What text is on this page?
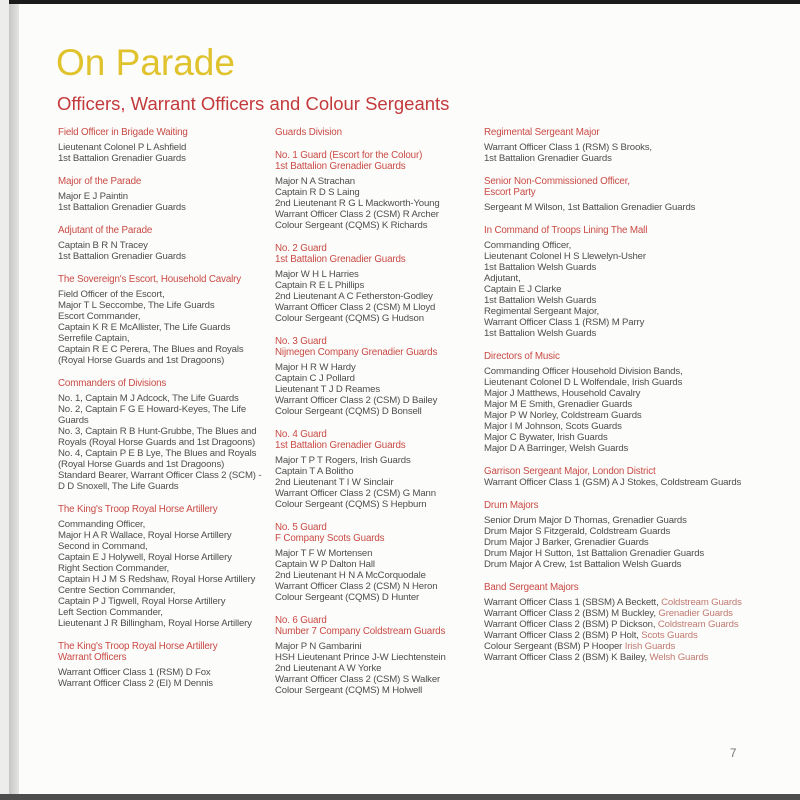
On Parade
Officers, Warrant Officers and Colour Sergeants
Field Officer in Brigade Waiting
Lieutenant Colonel P L Ashfield
1st Battalion Grenadier Guards
Major of the Parade
Major E J Paintin
1st Battalion Grenadier Guards
Adjutant of the Parade
Captain B R N Tracey
1st Battalion Grenadier Guards
The Sovereign's Escort, Household Cavalry
Field Officer of the Escort,
Major T L Seccombe, The Life Guards
Escort Commander,
Captain K R E McAllister, The Life Guards
Serrefile Captain,
Captain R E C Perera, The Blues and Royals
(Royal Horse Guards and 1st Dragoons)
Commanders of Divisions
No. 1, Captain M J Adcock, The Life Guards
No. 2, Captain F G E Howard-Keyes, The Life
Guards
No. 3, Captain R B Hunt-Grubbe, The Blues and
Royals (Royal Horse Guards and 1st Dragoons)
No. 4, Captain P E B Lye, The Blues and Royals
(Royal Horse Guards and 1st Dragoons)
Standard Bearer, Warrant Officer Class 2 (SCM) -
D D Snoxell, The Life Guards
The King's Troop Royal Horse Artillery
Commanding Officer,
Major H A R Wallace, Royal Horse Artillery
Second in Command,
Captain E J Holywell, Royal Horse Artillery
Right Section Commander,
Captain H J M S Redshaw, Royal Horse Artillery
Centre Section Commander,
Captain P J Tigwell, Royal Horse Artillery
Left Section Commander,
Lieutenant J R Billingham, Royal Horse Artillery
The King's Troop Royal Horse Artillery
Warrant Officers
Warrant Officer Class 1 (RSM) D Fox
Warrant Officer Class 2 (EI) M Dennis
Guards Division
No. 1 Guard (Escort for the Colour)
1st Battalion Grenadier Guards
Major N A Strachan
Captain R D S Laing
2nd Lieutenant R G L Mackworth-Young
Warrant Officer Class 2 (CSM) R Archer
Colour Sergeant (CQMS) K Richards
No. 2 Guard
1st Battalion Grenadier Guards
Major W H L Harries
Captain R E L Phillips
2nd Lieutenant A C Fetherston-Godley
Warrant Officer Class 2 (CSM) M Lloyd
Colour Sergeant (CQMS) G Hudson
No. 3 Guard
Nijmegen Company Grenadier Guards
Major H R W Hardy
Captain C J Pollard
Lieutenant T J D Reames
Warrant Officer Class 2 (CSM) D Bailey
Colour Sergeant (CQMS) D Bonsell
No. 4 Guard
1st Battalion Grenadier Guards
Major T P T Rogers, Irish Guards
Captain T A Bolitho
2nd Lieutenant T I W Sinclair
Warrant Officer Class 2 (CSM) G Mann
Colour Sergeant (CQMS) S Hepburn
No. 5 Guard
F Company Scots Guards
Major T F W Mortensen
Captain W P Dalton Hall
2nd Lieutenant H N A McCorquodale
Warrant Officer Class 2 (CSM) N Heron
Colour Sergeant (CQMS) D Hunter
No. 6 Guard
Number 7 Company Coldstream Guards
Major P N Gambarini
HSH Lieutenant Prince J-W Liechtenstein
2nd Lieutenant A W Yorke
Warrant Officer Class 2 (CSM) S Walker
Colour Sergeant (CQMS) M Holwell
Regimental Sergeant Major
Warrant Officer Class 1 (RSM) S Brooks,
1st Battalion Grenadier Guards
Senior Non-Commissioned Officer,
Escort Party
Sergeant M Wilson, 1st Battalion Grenadier Guards
In Command of Troops Lining The Mall
Commanding Officer,
Lieutenant Colonel H S Llewelyn-Usher
1st Battalion Welsh Guards
Adjutant,
Captain E J Clarke
1st Battalion Welsh Guards
Regimental Sergeant Major,
Warrant Officer Class 1 (RSM) M Parry
1st Battalion Welsh Guards
Directors of Music
Commanding Officer Household Division Bands,
Lieutenant Colonel D L Wolfendale, Irish Guards
Major J Matthews, Household Cavalry
Major M E Smith, Grenadier Guards
Major P W Norley, Coldstream Guards
Major I M Johnson, Scots Guards
Major C Bywater, Irish Guards
Major D A Barringer, Welsh Guards
Garrison Sergeant Major, London District
Warrant Officer Class 1 (GSM) A J Stokes, Coldstream Guards
Drum Majors
Senior Drum Major D Thomas, Grenadier Guards
Drum Major S Fitzgerald, Coldstream Guards
Drum Major J Barker, Grenadier Guards
Drum Major H Sutton, 1st Battalion Grenadier Guards
Drum Major A Crew, 1st Battalion Welsh Guards
Band Sergeant Majors
Warrant Officer Class 1 (SBSM) A Beckett, Coldstream Guards
Warrant Officer Class 2 (BSM) M Buckley, Grenadier Guards
Warrant Officer Class 2 (BSM) P Dickson, Coldstream Guards
Warrant Officer Class 2 (BSM) P Holt, Scots Guards
Colour Sergeant (BSM) P Hooper Irish Guards
Warrant Officer Class 2 (BSM) K Bailey, Welsh Guards
7
